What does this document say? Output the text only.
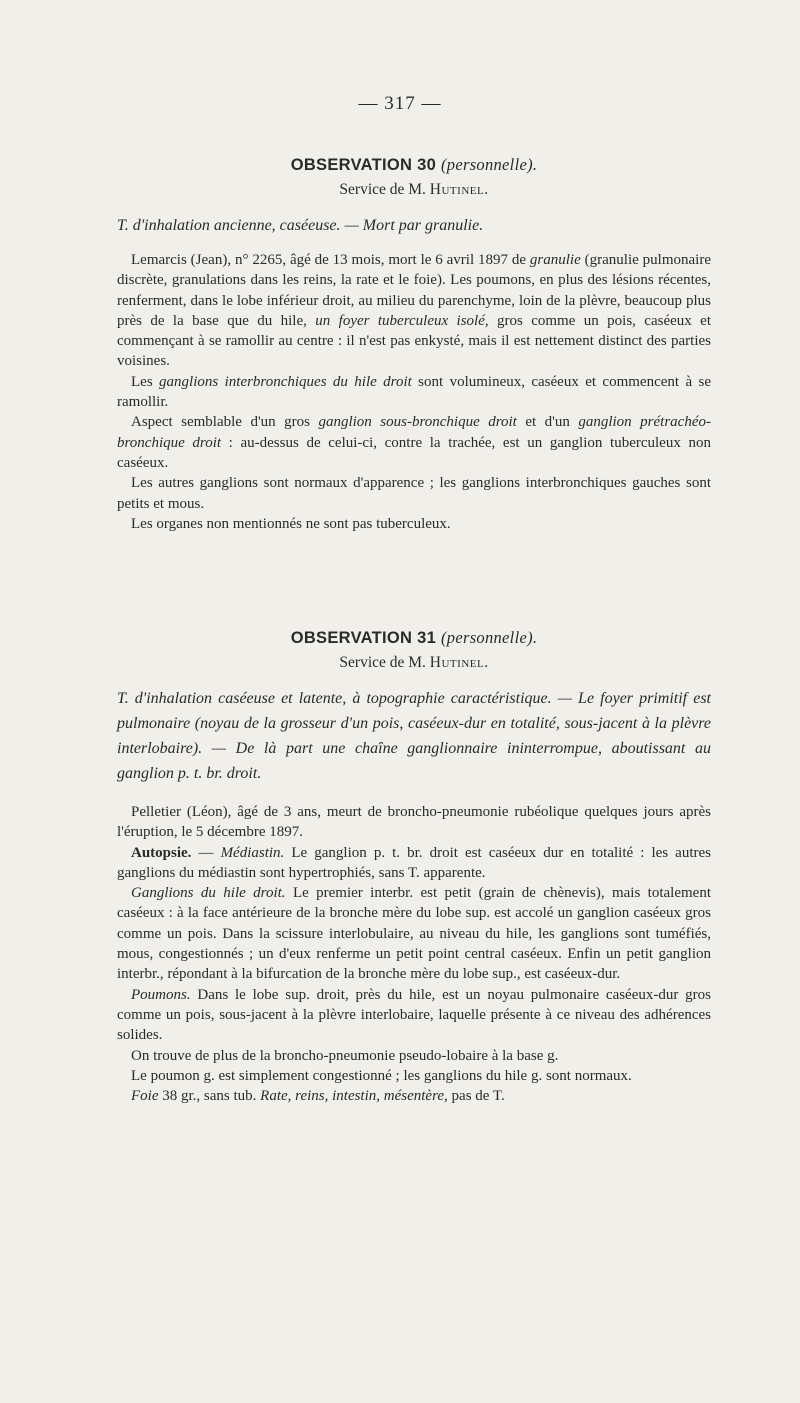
— 317 —
OBSERVATION 30 (personnelle).
Service de M. Hutinel.
T. d'inhalation ancienne, caséeuse. — Mort par granulie.

Lemarcis (Jean), n° 2265, âgé de 13 mois, mort le 6 avril 1897 de granulie (granulie pulmonaire discrète, granulations dans les reins, la rate et le foie). Les poumons, en plus des lésions récentes, renferment, dans le lobe inférieur droit, au milieu du parenchyme, loin de la plèvre, beaucoup plus près de la base que du hile, un foyer tuberculeux isolé, gros comme un pois, caséeux et commençant à se ramollir au centre : il n'est pas enkysté, mais il est nettement distinct des parties voisines.

Les ganglions interbronchiques du hile droit sont volumineux, caséeux et commencent à se ramollir.

Aspect semblable d'un gros ganglion sous-bronchique droit et d'un ganglion prétrachéo-bronchique droit : au-dessus de celui-ci, contre la trachée, est un ganglion tuberculeux non caséeux.

Les autres ganglions sont normaux d'apparence ; les ganglions interbronchiques gauches sont petits et mous.

Les organes non mentionnés ne sont pas tuberculeux.

OBSERVATION 31 (personnelle).
Service de M. Hutinel.
T. d'inhalation caséeuse et latente, à topographie caractéristique. — Le foyer primitif est pulmonaire (noyau de la grosseur d'un pois, caséeux-dur en totalité, sous-jacent à la plèvre interlobaire). — De là part une chaîne ganglionnaire ininterrompue, aboutissant au ganglion p. t. br. droit.

Pelletier (Léon), âgé de 3 ans, meurt de broncho-pneumonie rubéolique quelques jours après l'éruption, le 5 décembre 1897.

Autopsie. — Médiastin. Le ganglion p. t. br. droit est caséeux dur en totalité : les autres ganglions du médiastin sont hypertrophiés, sans T. apparente.

Ganglions du hile droit. Le premier interbr. est petit (grain de chènevis), mais totalement caséeux : à la face antérieure de la bronche mère du lobe sup. est accolé un ganglion caséeux gros comme un pois. Dans la scissure interlobulaire, au niveau du hile, les ganglions sont tuméfiés, mous, congestionnés ; un d'eux renferme un petit point central caséeux. Enfin un petit ganglion interbr., répondant à la bifurcation de la bronche mère du lobe sup., est caséeux-dur.

Poumons. Dans le lobe sup. droit, près du hile, est un noyau pulmonaire caséeux-dur gros comme un pois, sous-jacent à la plèvre interlobaire, laquelle présente à ce niveau des adhérences solides.

On trouve de plus de la broncho-pneumonie pseudo-lobaire à la base g.

Le poumon g. est simplement congestionné ; les ganglions du hile g. sont normaux.

Foie 38 gr., sans tub. Rate, reins, intestin, mésentère, pas de T.
